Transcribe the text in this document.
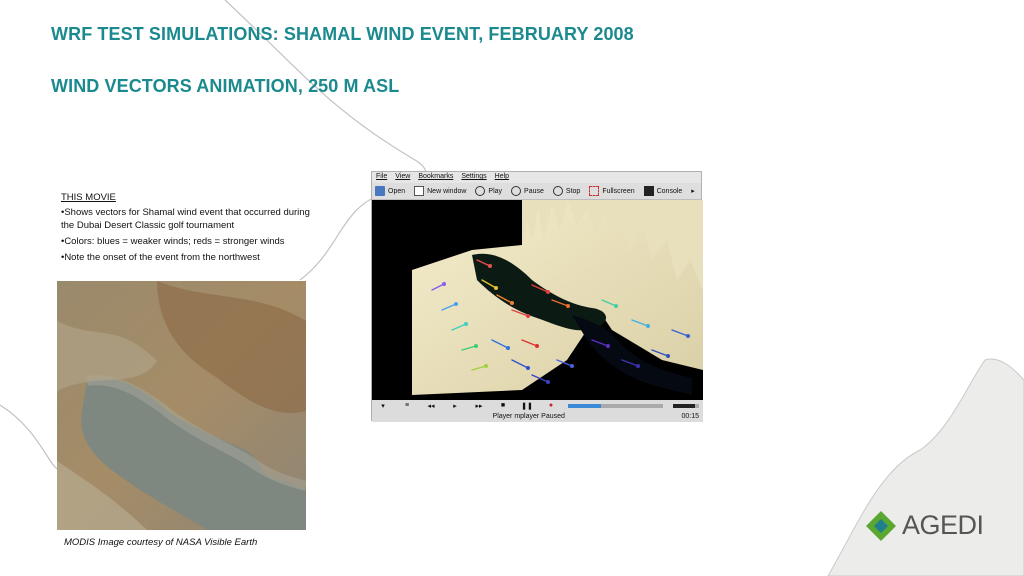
WRF TEST SIMULATIONS: SHAMAL WIND EVENT, FEBRUARY 2008
WIND VECTORS ANIMATION, 250 M ASL
THIS MOVIE
•Shows vectors for Shamal wind event that occurred during the Dubai Desert Classic golf tournament
•Colors: blues = weaker winds; reds = stronger winds
•Note the onset of the event from the northwest
MODIS Image courtesy of NASA Visible Earth
File View Bookmarks Settings Help
Open	New window	Play	Pause	Stop	Fullscreen	Console ▸
▾	≡	◂◂	▸	▸▸	■	❚❚	●
Player mplayer Paused	00:15
AGEDI
